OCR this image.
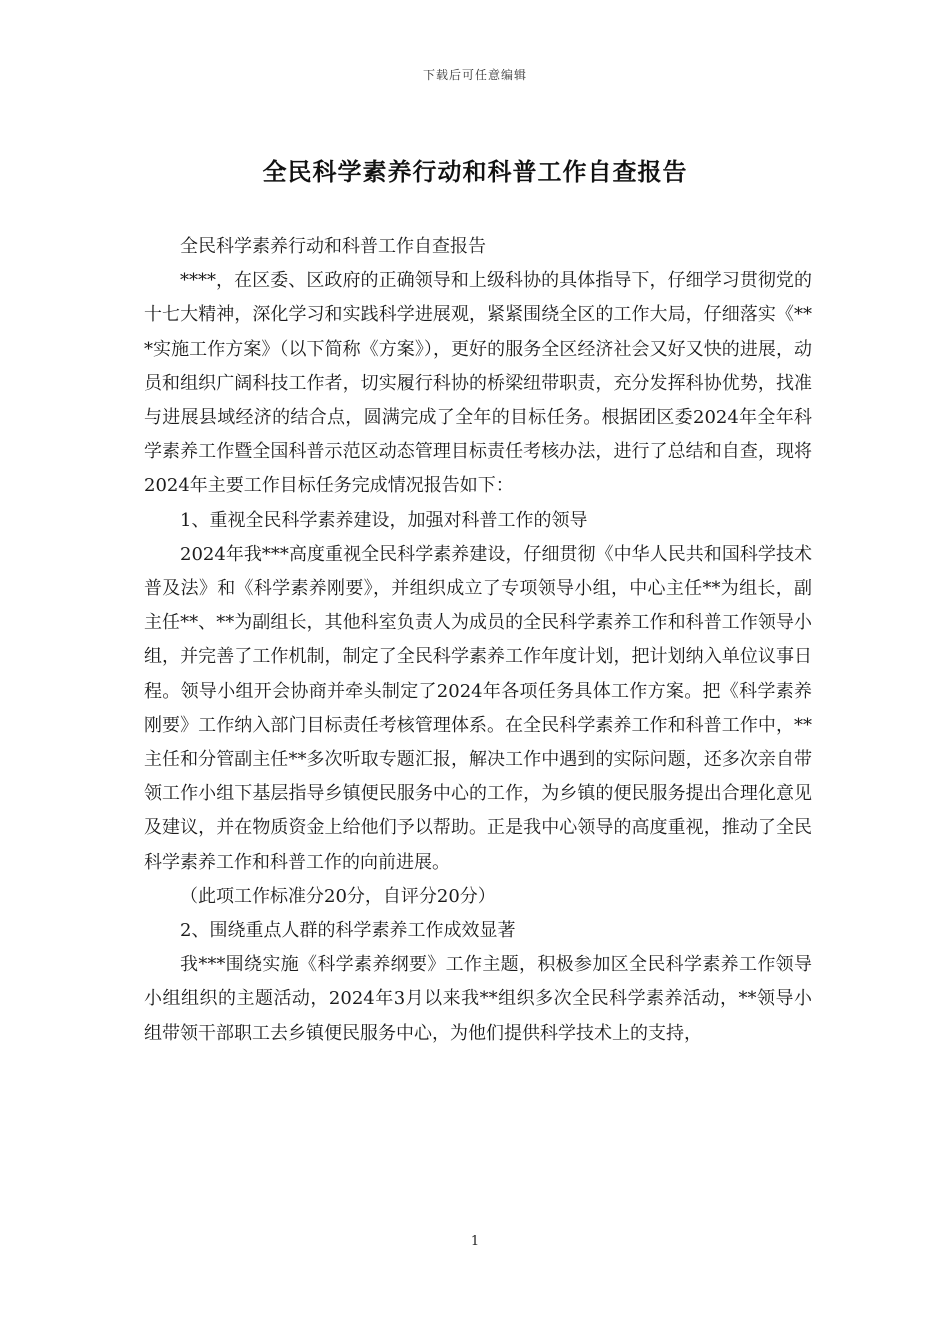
下载后可任意编辑
全民科学素养行动和科普工作自查报告

全民科学素养行动和科普工作自查报告

****，在区委、区政府的正确领导和上级科协的具体指导下，仔细学习贯彻党的十七大精神，深化学习和实践科学进展观，紧紧围绕全区的工作大局，仔细落实《***实施工作方案》（以下简称《方案》），更好的服务全区经济社会又好又快的进展，动员和组织广阔科技工作者，切实履行科协的桥梁纽带职责，充分发挥科协优势，找准与进展县域经济的结合点，圆满完成了全年的目标任务。根据团区委2024年全年科学素养工作暨全国科普示范区动态管理目标责任考核办法，进行了总结和自查，现将2024年主要工作目标任务完成情况报告如下：

1、重视全民科学素养建设，加强对科普工作的领导

2024年我***高度重视全民科学素养建设，仔细贯彻《中华人民共和国科学技术普及法》和《科学素养刚要》，并组织成立了专项领导小组，中心主任**为组长，副主任**、**为副组长，其他科室负责人为成员的全民科学素养工作和科普工作领导小组，并完善了工作机制，制定了全民科学素养工作年度计划，把计划纳入单位议事日程。领导小组开会协商并牵头制定了2024年各项任务具体工作方案。把《科学素养刚要》工作纳入部门目标责任考核管理体系。在全民科学素养工作和科普工作中，**主任和分管副主任**多次听取专题汇报，解决工作中遇到的实际问题，还多次亲自带领工作小组下基层指导乡镇便民服务中心的工作，为乡镇的便民服务提出合理化意见及建议，并在物质资金上给他们予以帮助。正是我中心领导的高度重视，推动了全民科学素养工作和科普工作的向前进展。

（此项工作标准分20分，自评分20分）

2、围绕重点人群的科学素养工作成效显著

我***围绕实施《科学素养纲要》工作主题，积极参加区全民科学素养工作领导小组组织的主题活动，2024年3月以来我**组织多次全民科学素养活动，**领导小组带领干部职工去乡镇便民服务中心，为他们提供科学技术上的支持，

1
